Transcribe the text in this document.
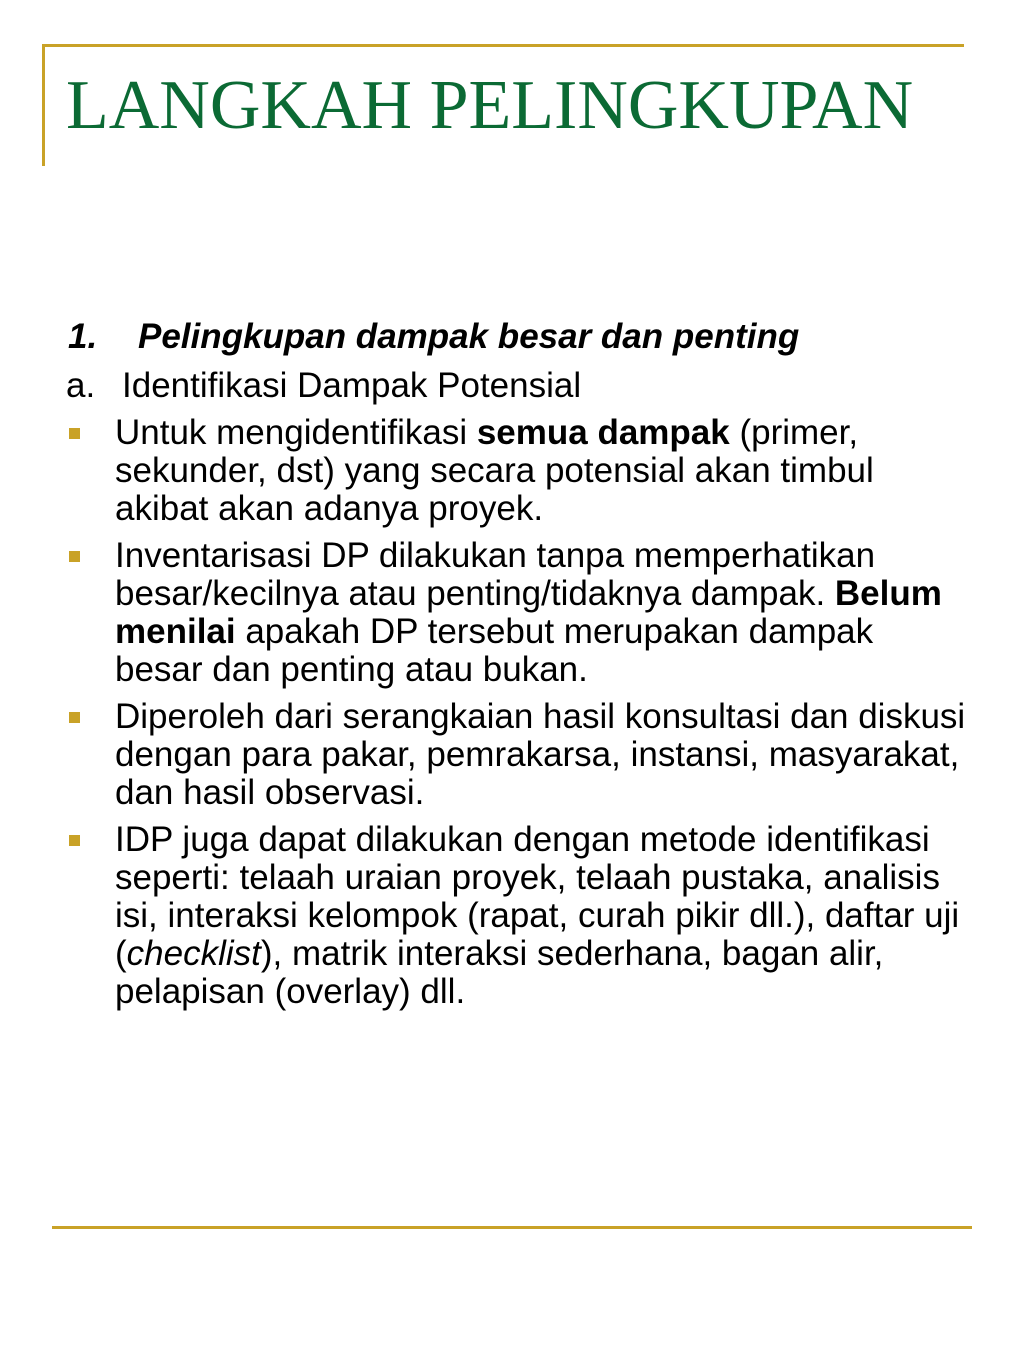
LANGKAH PELINGKUPAN
1. Pelingkupan dampak besar dan penting
a. Identifikasi Dampak Potensial
Untuk mengidentifikasi semua dampak (primer, sekunder, dst) yang secara potensial akan timbul akibat akan adanya proyek.
Inventarisasi DP dilakukan tanpa memperhatikan besar/kecilnya atau penting/tidaknya dampak. Belum menilai apakah DP tersebut merupakan dampak besar dan penting atau bukan.
Diperoleh dari serangkaian hasil konsultasi dan diskusi dengan para pakar, pemrakarsa, instansi, masyarakat, dan hasil observasi.
IDP juga dapat dilakukan dengan metode identifikasi seperti: telaah uraian proyek, telaah pustaka, analisis isi, interaksi kelompok (rapat, curah pikir dll.), daftar uji (checklist), matrik interaksi sederhana, bagan alir, pelapisan (overlay) dll.
